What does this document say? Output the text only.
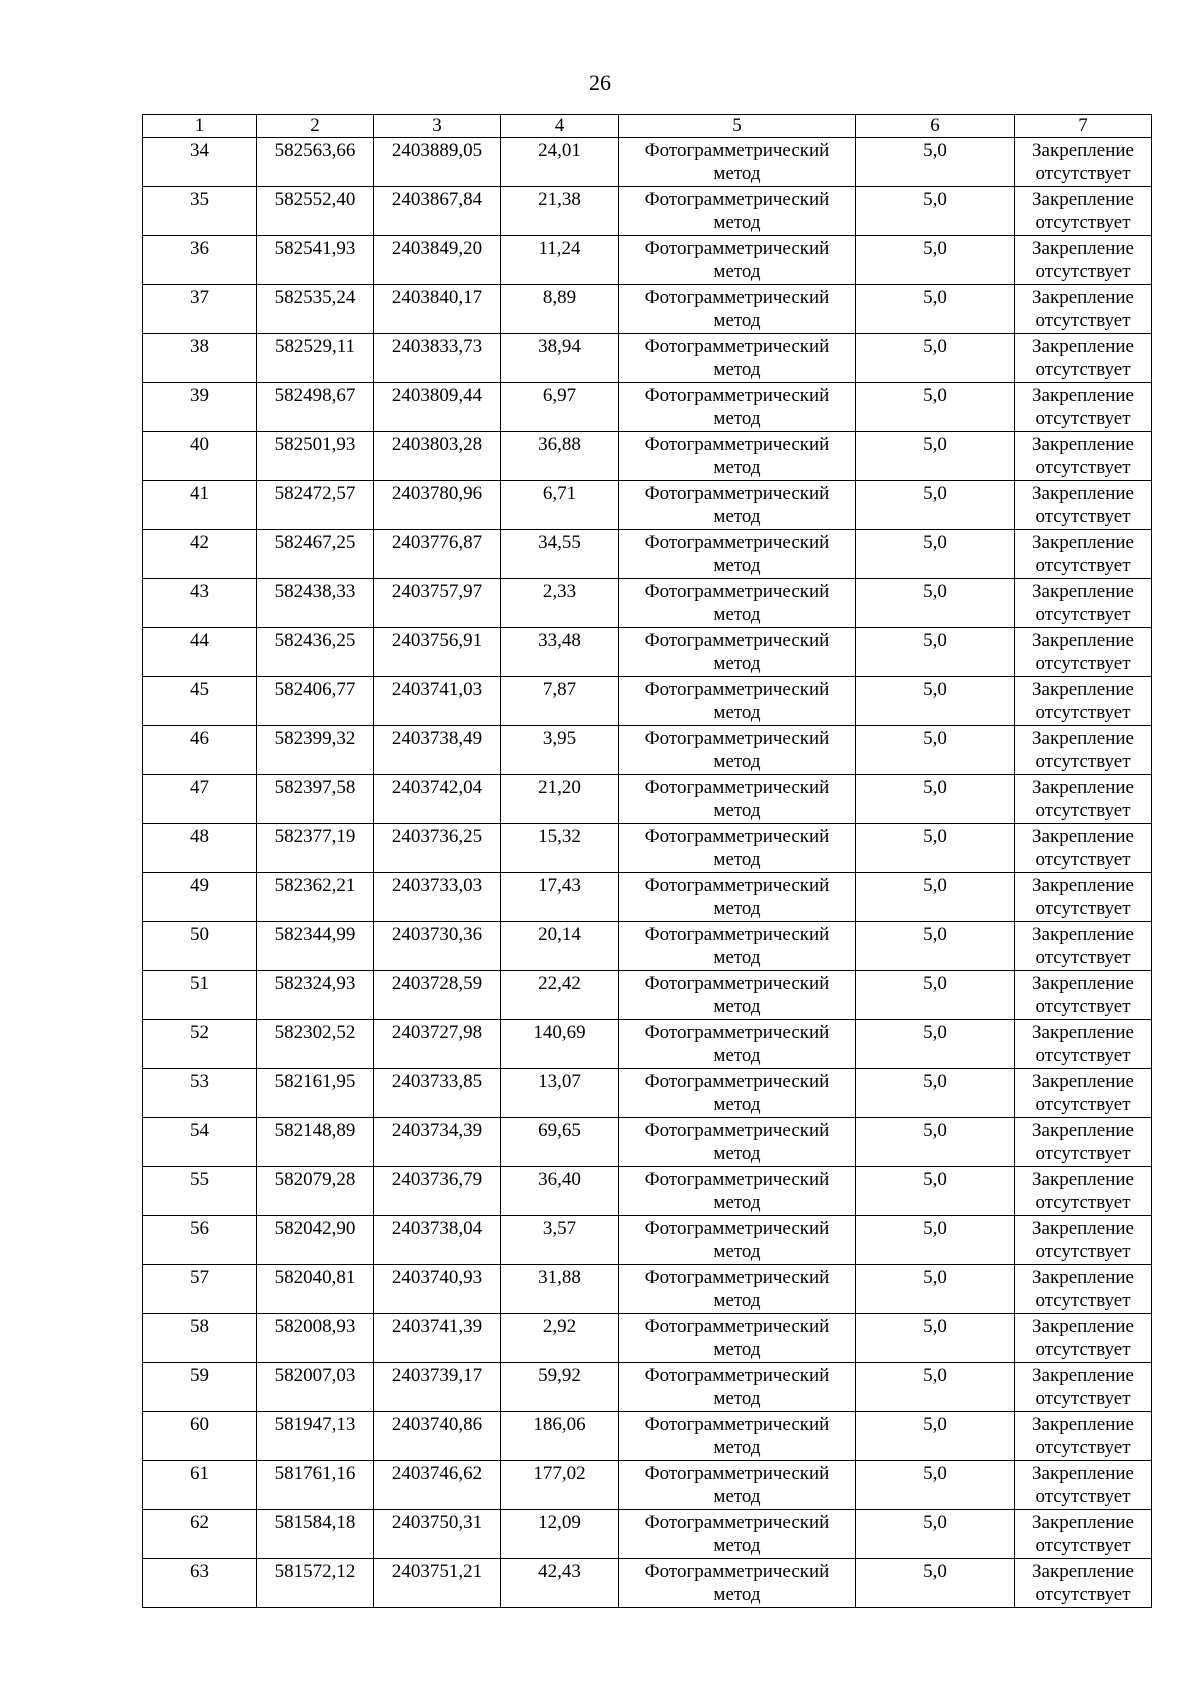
26
1	2	3	4	5	6	7
34	582563,66	2403889,05	24,01	Фотограмметрический метод	5,0	Закрепление отсутствует
35	582552,40	2403867,84	21,38	Фотограмметрический метод	5,0	Закрепление отсутствует
36	582541,93	2403849,20	11,24	Фотограмметрический метод	5,0	Закрепление отсутствует
37	582535,24	2403840,17	8,89	Фотограмметрический метод	5,0	Закрепление отсутствует
38	582529,11	2403833,73	38,94	Фотограмметрический метод	5,0	Закрепление отсутствует
39	582498,67	2403809,44	6,97	Фотограмметрический метод	5,0	Закрепление отсутствует
40	582501,93	2403803,28	36,88	Фотограмметрический метод	5,0	Закрепление отсутствует
41	582472,57	2403780,96	6,71	Фотограмметрический метод	5,0	Закрепление отсутствует
42	582467,25	2403776,87	34,55	Фотограмметрический метод	5,0	Закрепление отсутствует
43	582438,33	2403757,97	2,33	Фотограмметрический метод	5,0	Закрепление отсутствует
44	582436,25	2403756,91	33,48	Фотограмметрический метод	5,0	Закрепление отсутствует
45	582406,77	2403741,03	7,87	Фотограмметрический метод	5,0	Закрепление отсутствует
46	582399,32	2403738,49	3,95	Фотограмметрический метод	5,0	Закрепление отсутствует
47	582397,58	2403742,04	21,20	Фотограмметрический метод	5,0	Закрепление отсутствует
48	582377,19	2403736,25	15,32	Фотограмметрический метод	5,0	Закрепление отсутствует
49	582362,21	2403733,03	17,43	Фотограмметрический метод	5,0	Закрепление отсутствует
50	582344,99	2403730,36	20,14	Фотограмметрический метод	5,0	Закрепление отсутствует
51	582324,93	2403728,59	22,42	Фотограмметрический метод	5,0	Закрепление отсутствует
52	582302,52	2403727,98	140,69	Фотограмметрический метод	5,0	Закрепление отсутствует
53	582161,95	2403733,85	13,07	Фотограмметрический метод	5,0	Закрепление отсутствует
54	582148,89	2403734,39	69,65	Фотограмметрический метод	5,0	Закрепление отсутствует
55	582079,28	2403736,79	36,40	Фотограмметрический метод	5,0	Закрепление отсутствует
56	582042,90	2403738,04	3,57	Фотограмметрический метод	5,0	Закрепление отсутствует
57	582040,81	2403740,93	31,88	Фотограмметрический метод	5,0	Закрепление отсутствует
58	582008,93	2403741,39	2,92	Фотограмметрический метод	5,0	Закрепление отсутствует
59	582007,03	2403739,17	59,92	Фотограмметрический метод	5,0	Закрепление отсутствует
60	581947,13	2403740,86	186,06	Фотограмметрический метод	5,0	Закрепление отсутствует
61	581761,16	2403746,62	177,02	Фотограмметрический метод	5,0	Закрепление отсутствует
62	581584,18	2403750,31	12,09	Фотограмметрический метод	5,0	Закрепление отсутствует
63	581572,12	2403751,21	42,43	Фотограмметрический метод	5,0	Закрепление отсутствует
